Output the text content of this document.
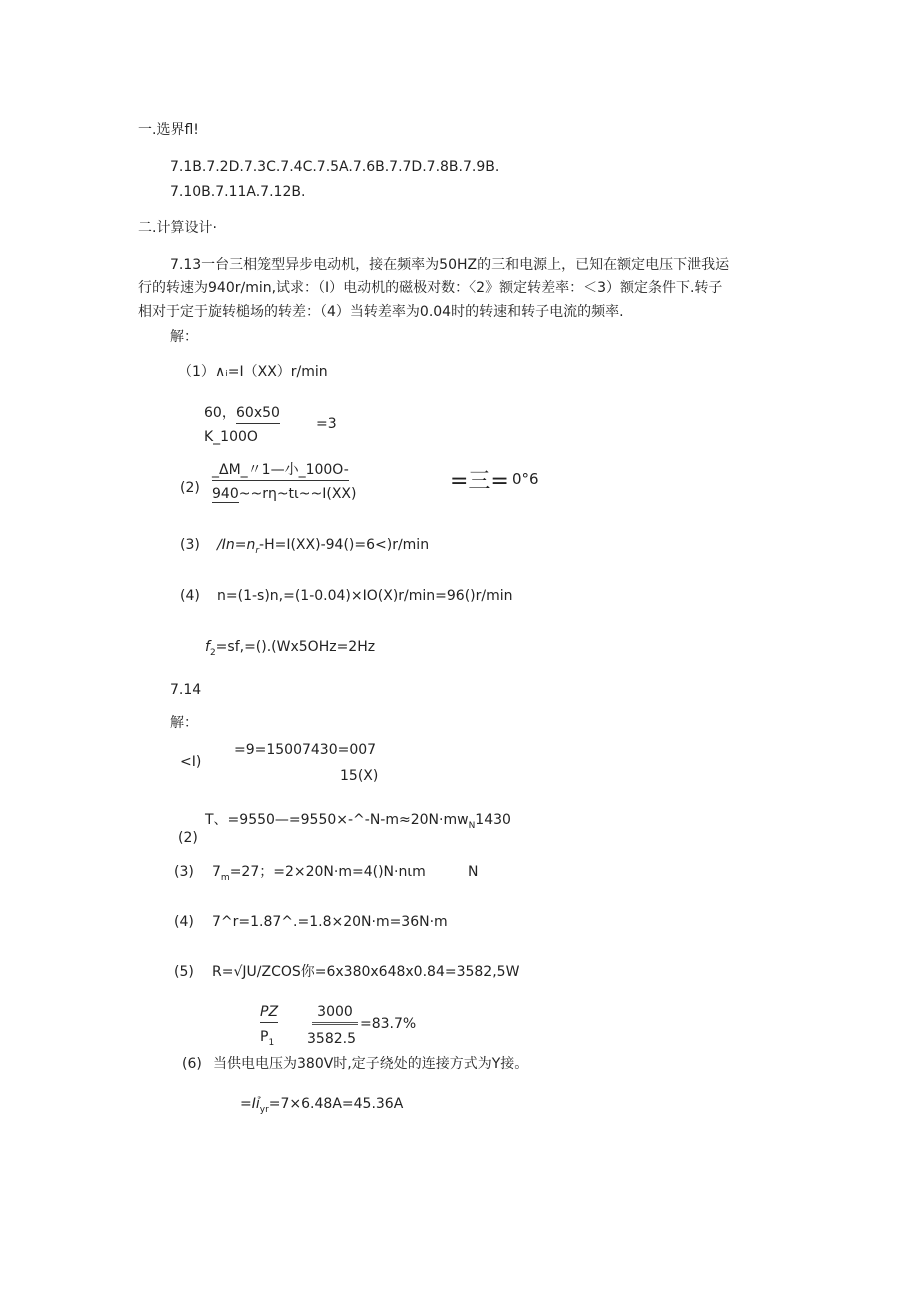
一.选界fl!
7.1B.7.2D.7.3C.7.4C.7.5A.7.6B.7.7D.7.8B.7.9B.
7.10B.7.11A.7.12B.
二.计算设计·
7.13一台三相笼型异步电动机，接在频率为50HZ的三和电源上，已知在额定电压下泄我运
行的转速为940r∕min,试求：（I）电动机的磁极对数：〈2》额定转差率：＜3）额定条件下.转子
相对于定于旋转槌场的转差：（4）当转差率为0.04时的转速和转子电流的频率.
解：
（1） ∧ᵢ=I（XX）r/min
60， 60x50
K_100O
=3
(2)
_ΔM_〃1—小_100O-
940~~rη~tι~~I(XX)	=三= 0°6
(3) $∕In=n_r-H=I(XX)-94()=6<)r∕\min$
(4) n=(1-s)n,=(1-0.04)×IO(X)r/min=96()r/min
$f_2=sf,=().(Wx5OHz=2Hz$
7.14
解：
<I)
=9=15007430=007
15(X)
T、$=9550—=9550\times-\^{}-N-m\approx 20N\cdot mw_N1430$
(2)
(3) $7_m=27$；=2×20N·m=4()N·nιm	N
(4) 7^r=1.87^.=1.8×20N·m=36N·m
(5) R=√JU∕ZCOS你=6x380x648x0.84=3582,5W
PZ
$P_1$
3000
3582.5
=83.7%
(6) 当供电电压为380V时,定子绕处的连接方式为Y接。
=Iỉ$_{yr}$=7×6.48A=45.36A
